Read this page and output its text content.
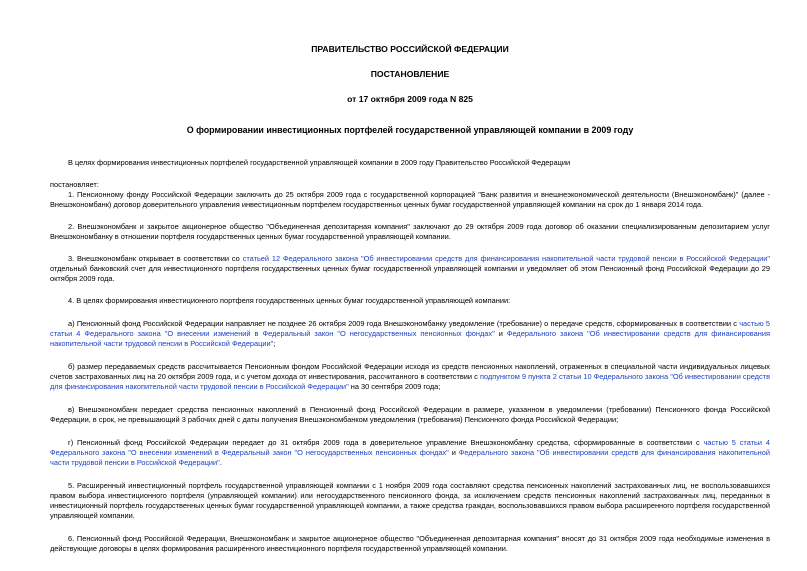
ПРАВИТЕЛЬСТВО РОССИЙСКОЙ ФЕДЕРАЦИИ
ПОСТАНОВЛЕНИЕ
от 17 октября 2009 года N 825
О формировании инвестиционных портфелей государственной управляющей компании в 2009 году

В целях формирования инвестиционных портфелей государственной управляющей компании в 2009 году Правительство Российской Федерации

постановляет:

1. Пенсионному фонду Российской Федерации заключить до 25 октября 2009 года с государственной корпорацией "Банк развития и внешнеэкономической деятельности (Внешэкономбанк)" (далее - Внешэкономбанк) договор доверительного управления инвестиционным портфелем государственных ценных бумаг государственной управляющей компании на срок до 1 января 2014 года.

2. Внешэкономбанк и закрытое акционерное общество "Объединенная депозитарная компания" заключают до 29 октября 2009 года договор об оказании специализированным депозитарием услуг Внешэкономбанку в отношении портфеля государственных ценных бумаг государственной управляющей компании.

3. Внешэкономбанк открывает в соответствии со статьей 12 Федерального закона "Об инвестировании средств для финансирования накопительной части трудовой пенсии в Российской Федерации" отдельный банковский счет для инвестиционного портфеля государственных ценных бумаг государственной управляющей компании и уведомляет об этом Пенсионный фонд Российской Федерации до 29 октября 2009 года.

4. В целях формирования инвестиционного портфеля государственных ценных бумаг государственной управляющей компании:

а) Пенсионный фонд Российской Федерации направляет не позднее 26 октября 2009 года Внешэкономбанку уведомление (требование) о передаче средств, сформированных в соответствии с частью 5 статьи 4 Федерального закона "О внесении изменений в Федеральный закон "О негосударственных пенсионных фондах" и Федерального закона "Об инвестировании средств для финансирования накопительной части трудовой пенсии в Российской Федерации";

б) размер передаваемых средств рассчитывается Пенсионным фондом Российской Федерации исходя из средств пенсионных накоплений, отраженных в специальной части индивидуальных лицевых счетов застрахованных лиц на 20 октября 2009 года, и с учетом дохода от инвестирования, рассчитанного в соответствии с подпунктом 9 пункта 2 статьи 10 Федерального закона "Об инвестировании средств для финансирования накопительной части трудовой пенсии в Российской Федерации" на 30 сентября 2009 года;

в) Внешэкономбанк передает средства пенсионных накоплений в Пенсионный фонд Российской Федерации в размере, указанном в уведомлении (требовании) Пенсионного фонда Российской Федерации, в срок, не превышающий 3 рабочих дней с даты получения Внешэкономбанком уведомления (требования) Пенсионного фонда Российской Федерации;

г) Пенсионный фонд Российской Федерации передает до 31 октября 2009 года в доверительное управление Внешэкономбанку средства, сформированные в соответствии с частью 5 статьи 4 Федерального закона "О внесении изменений в Федеральный закон "О негосударственных пенсионных фондах" и Федерального закона "Об инвестировании средств для финансирования накопительной части трудовой пенсии в Российской Федерации".

5. Расширенный инвестиционный портфель государственной управляющей компании с 1 ноября 2009 года составляют средства пенсионных накоплений застрахованных лиц, не воспользовавшихся правом выбора инвестиционного портфеля (управляющей компании) или негосударственного пенсионного фонда, за исключением средств пенсионных накоплений застрахованных лиц, переданных в инвестиционный портфель государственных ценных бумаг государственной управляющей компании, а также средства граждан, воспользовавшихся правом выбора расширенного портфеля государственной управляющей компании.

6. Пенсионный фонд Российской Федерации, Внешэкономбанк и закрытое акционерное общество "Объединенная депозитарная компания" вносят до 31 октября 2009 года необходимые изменения в действующие договоры в целях формирования расширенного инвестиционного портфеля государственной управляющей компании.
